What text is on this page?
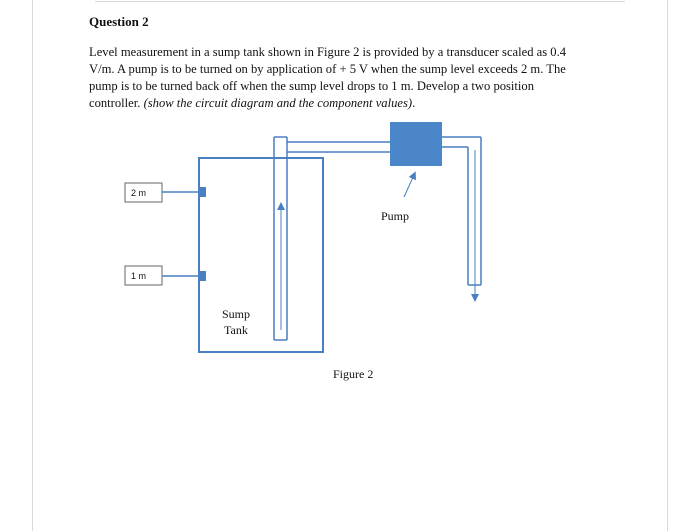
Question 2
Level measurement in a sump tank shown in Figure 2 is provided by a transducer scaled as 0.4
V/m. A pump is to be turned on by application of + 5 V when the sump level exceeds 2 m. The
pump is to be turned back off when the sump level drops to 1 m. Develop a two position
controller. (show the circuit diagram and the component values).
2 m
1 m
Pump
Sump
Tank
Figure 2
